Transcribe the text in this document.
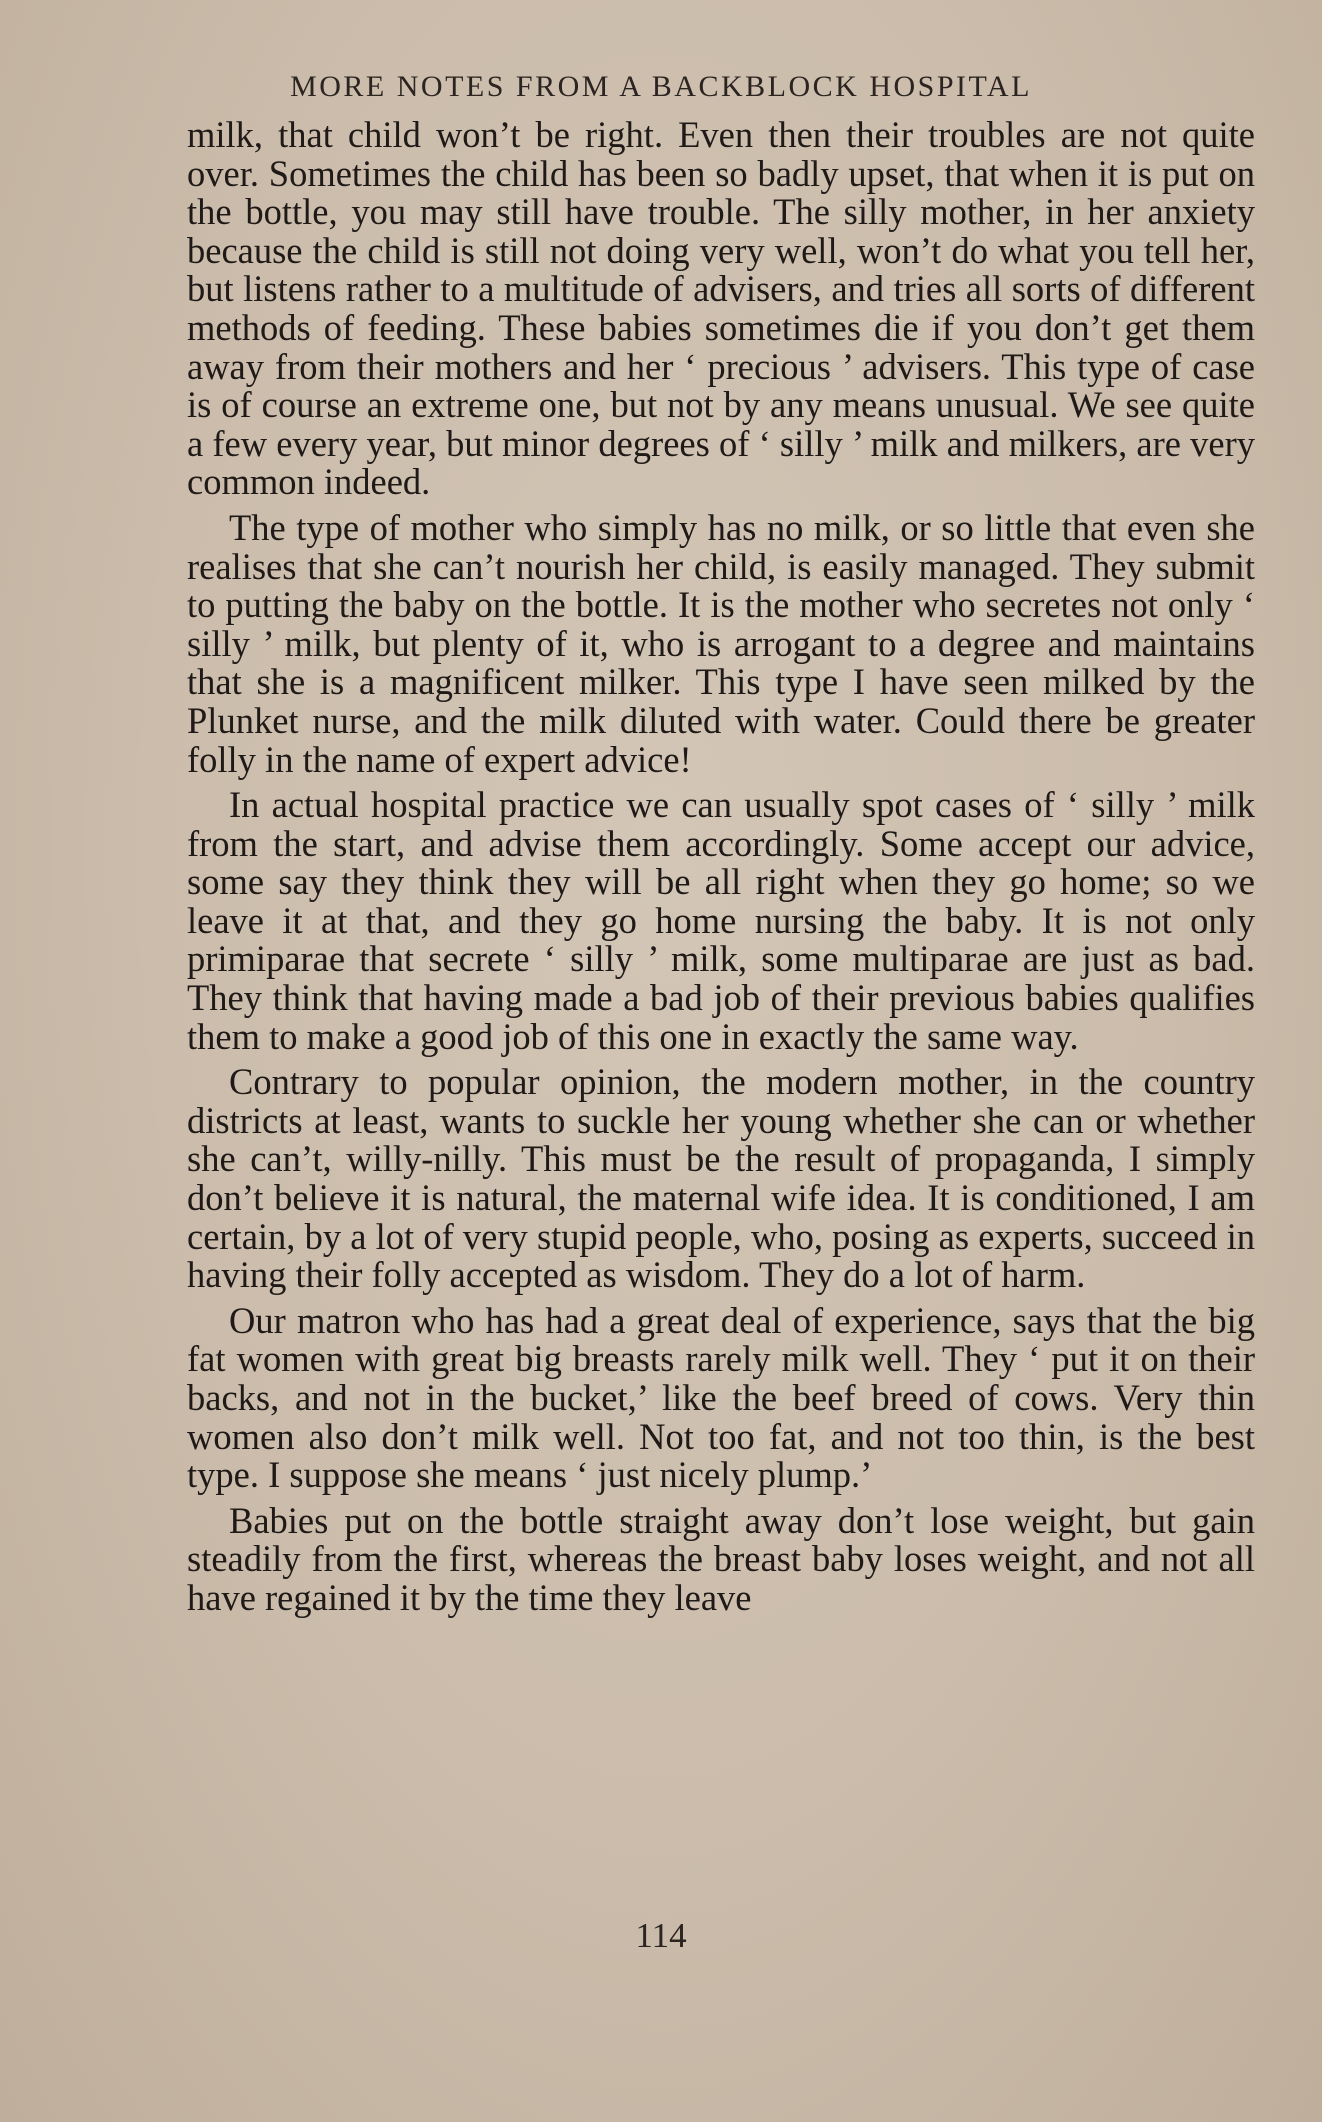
MORE NOTES FROM A BACKBLOCK HOSPITAL

milk, that child won’t be right. Even then their troubles are not quite over. Sometimes the child has been so badly upset, that when it is put on the bottle, you may still have trouble. The silly mother, in her anxiety because the child is still not doing very well, won’t do what you tell her, but listens rather to a multitude of advisers, and tries all sorts of different methods of feeding. These babies sometimes die if you don’t get them away from their mothers and her ‘ precious ’ advisers. This type of case is of course an extreme one, but not by any means unusual. We see quite a few every year, but minor degrees of ‘ silly ’ milk and milkers, are very common indeed.

The type of mother who simply has no milk, or so little that even she realises that she can’t nourish her child, is easily managed. They submit to putting the baby on the bottle. It is the mother who secretes not only ‘ silly ’ milk, but plenty of it, who is arrogant to a degree and maintains that she is a magnificent milker. This type I have seen milked by the Plunket nurse, and the milk diluted with water. Could there be greater folly in the name of expert advice!

In actual hospital practice we can usually spot cases of ‘ silly ’ milk from the start, and advise them accordingly. Some accept our advice, some say they think they will be all right when they go home; so we leave it at that, and they go home nursing the baby. It is not only primiparae that secrete ‘ silly ’ milk, some multiparae are just as bad. They think that having made a bad job of their previous babies qualifies them to make a good job of this one in exactly the same way.

Contrary to popular opinion, the modern mother, in the country districts at least, wants to suckle her young whether she can or whether she can’t, willy-nilly. This must be the result of propaganda, I simply don’t believe it is natural, the maternal wife idea. It is conditioned, I am certain, by a lot of very stupid people, who, posing as experts, succeed in having their folly accepted as wisdom. They do a lot of harm.

Our matron who has had a great deal of experience, says that the big fat women with great big breasts rarely milk well. They ‘ put it on their backs, and not in the bucket,’ like the beef breed of cows. Very thin women also don’t milk well. Not too fat, and not too thin, is the best type. I suppose she means ‘ just nicely plump.’

Babies put on the bottle straight away don’t lose weight, but gain steadily from the first, whereas the breast baby loses weight, and not all have regained it by the time they leave

114
